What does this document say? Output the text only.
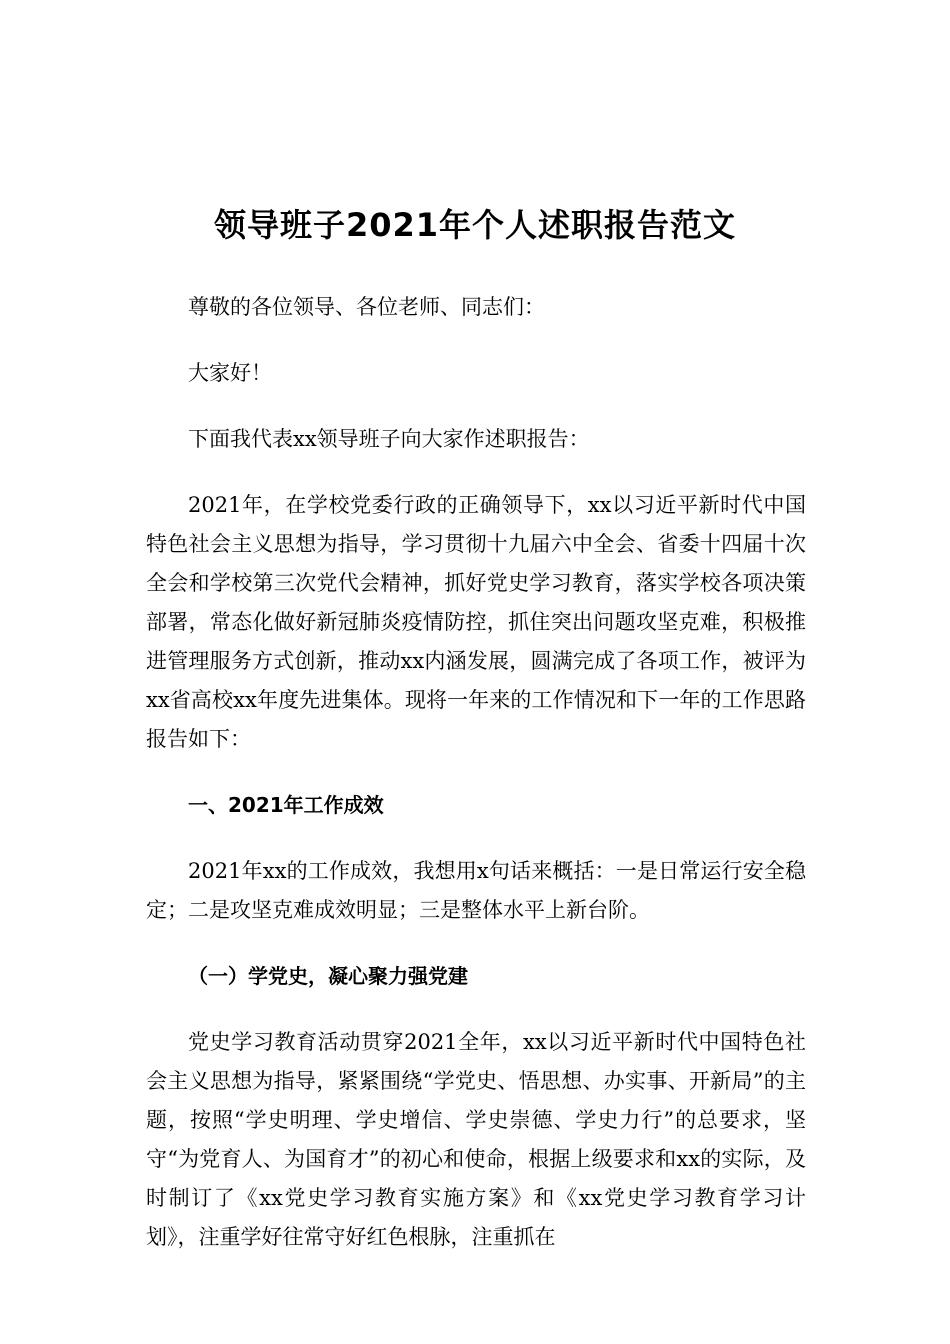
领导班子2021年个人述职报告范文

尊敬的各位领导、各位老师、同志们：

大家好！

下面我代表xx领导班子向大家作述职报告：

2021年，在学校党委行政的正确领导下，xx以习近平新时代中国特色社会主义思想为指导，学习贯彻十九届六中全会、省委十四届十次全会和学校第三次党代会精神，抓好党史学习教育，落实学校各项决策部署，常态化做好新冠肺炎疫情防控，抓住突出问题攻坚克难，积极推进管理服务方式创新，推动xx内涵发展，圆满完成了各项工作，被评为xx省高校xx年度先进集体。现将一年来的工作情况和下一年的工作思路报告如下：

一、2021年工作成效

2021年xx的工作成效，我想用x句话来概括：一是日常运行安全稳定；二是攻坚克难成效明显；三是整体水平上新台阶。

（一）学党史，凝心聚力强党建

党史学习教育活动贯穿2021全年，xx以习近平新时代中国特色社会主义思想为指导，紧紧围绕“学党史、悟思想、办实事、开新局”的主题，按照“学史明理、学史增信、学史崇德、学史力行”的总要求，坚守“为党育人、为国育才”的初心和使命，根据上级要求和xx的实际，及时制订了《xx党史学习教育实施方案》和《xx党史学习教育学习计划》，注重学好往常守好红色根脉，注重抓在
